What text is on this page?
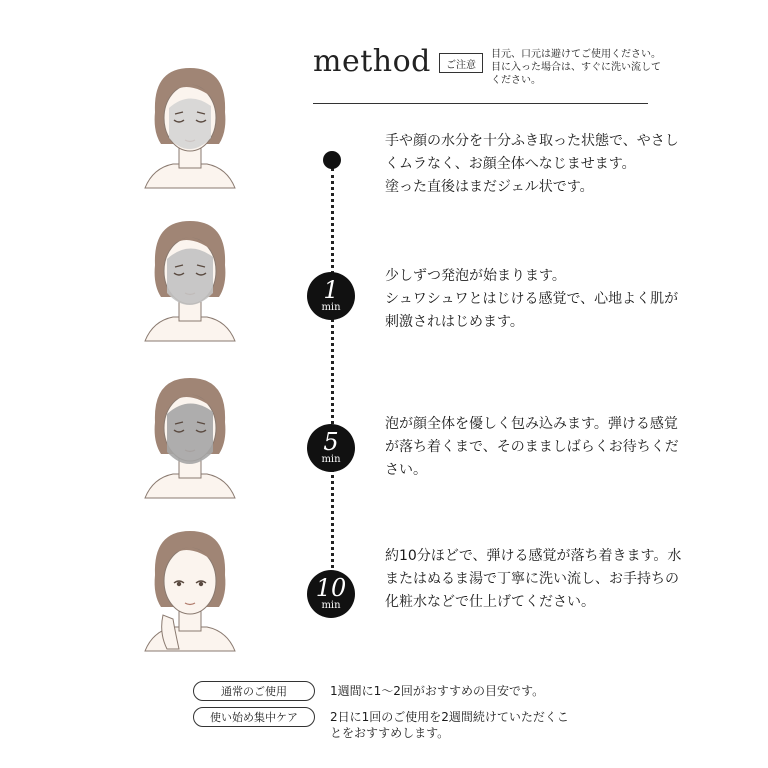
method	ご注意
目元、口元は避けてご使用ください。目に入った場合は、すぐに洗い流してください。
1
min
5
min
10
min
手や顔の水分を十分ふき取った状態で、やさしくムラなく、お顔全体へなじませます。
塗った直後はまだジェル状です。
少しずつ発泡が始まります。
シュワシュワとはじける感覚で、心地よく肌が刺激されはじめます。
泡が顔全体を優しく包み込みます。弾ける感覚が落ち着くまで、そのまましばらくお待ちください。
約10分ほどで、弾ける感覚が落ち着きます。水またはぬるま湯で丁寧に洗い流し、お手持ちの化粧水などで仕上げてください。
通常のご使用	1週間に1〜2回がおすすめの目安です。
使い始め集中ケア	2日に1回のご使用を2週間続けていただくことをおすすめします。
